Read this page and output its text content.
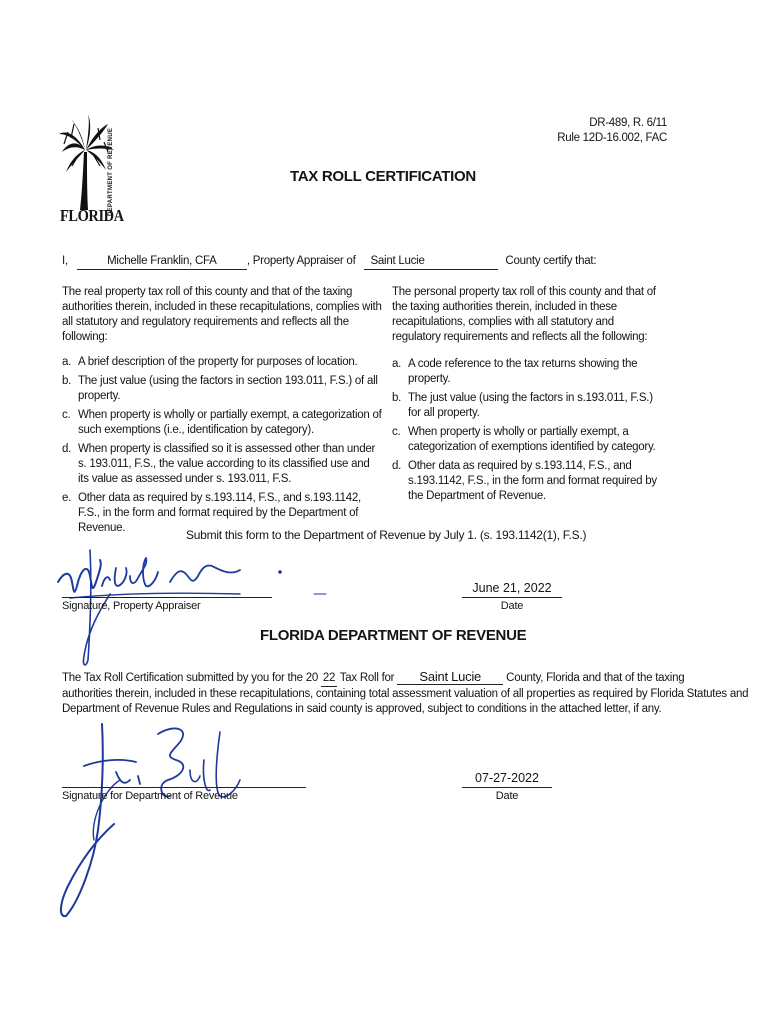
DEPARTMENT OF REVENUE
FLORIDA
DR-489, R. 6/11
Rule 12D-16.002, FAC
TAX ROLL CERTIFICATION
I,	Michelle Franklin, CFA	, Property Appraiser of Saint Lucie	County certify that:
The real property tax roll of this county and that of the taxing authorities therein, included in these recapitulations, complies with all statutory and regulatory requirements and reflects all the following:
a. A brief description of the property for purposes of location.
b. The just value (using the factors in section 193.011, F.S.) of all property.
c. When property is wholly or partially exempt, a categorization of such exemptions (i.e., identification by category).
d. When property is classified so it is assessed other than under s. 193.011, F.S., the value according to its classified use and its value as assessed under s. 193.011, F.S.
e. Other data as required by s.193.114, F.S., and s.193.1142, F.S., in the form and format required by the Department of Revenue.
The personal property tax roll of this county and that of the taxing authorities therein, included in these recapitulations, complies with all statutory and regulatory requirements and reflects all the following:
a. A code reference to the tax returns showing the property.
b. The just value (using the factors in s.193.011, F.S.) for all property.
c. When property is wholly or partially exempt, a categorization of exemptions identified by category.
d. Other data as required by s.193.114, F.S., and s.193.1142, F.S., in the form and format required by the Department of Revenue.
Submit this form to the Department of Revenue by July 1. (s. 193.1142(1), F.S.)
Signature, Property Appraiser
June 21, 2022
Date
FLORIDA DEPARTMENT OF REVENUE
The Tax Roll Certification submitted by you for the 20 22 Tax Roll for Saint Lucie County, Florida and that of the taxing
authorities therein, included in these recapitulations, containing total assessment valuation of all properties as required by Florida Statutes and
Department of Revenue Rules and Regulations in said county is approved, subject to conditions in the attached letter, if any.
Signature for Department of Revenue
07-27-2022
Date
